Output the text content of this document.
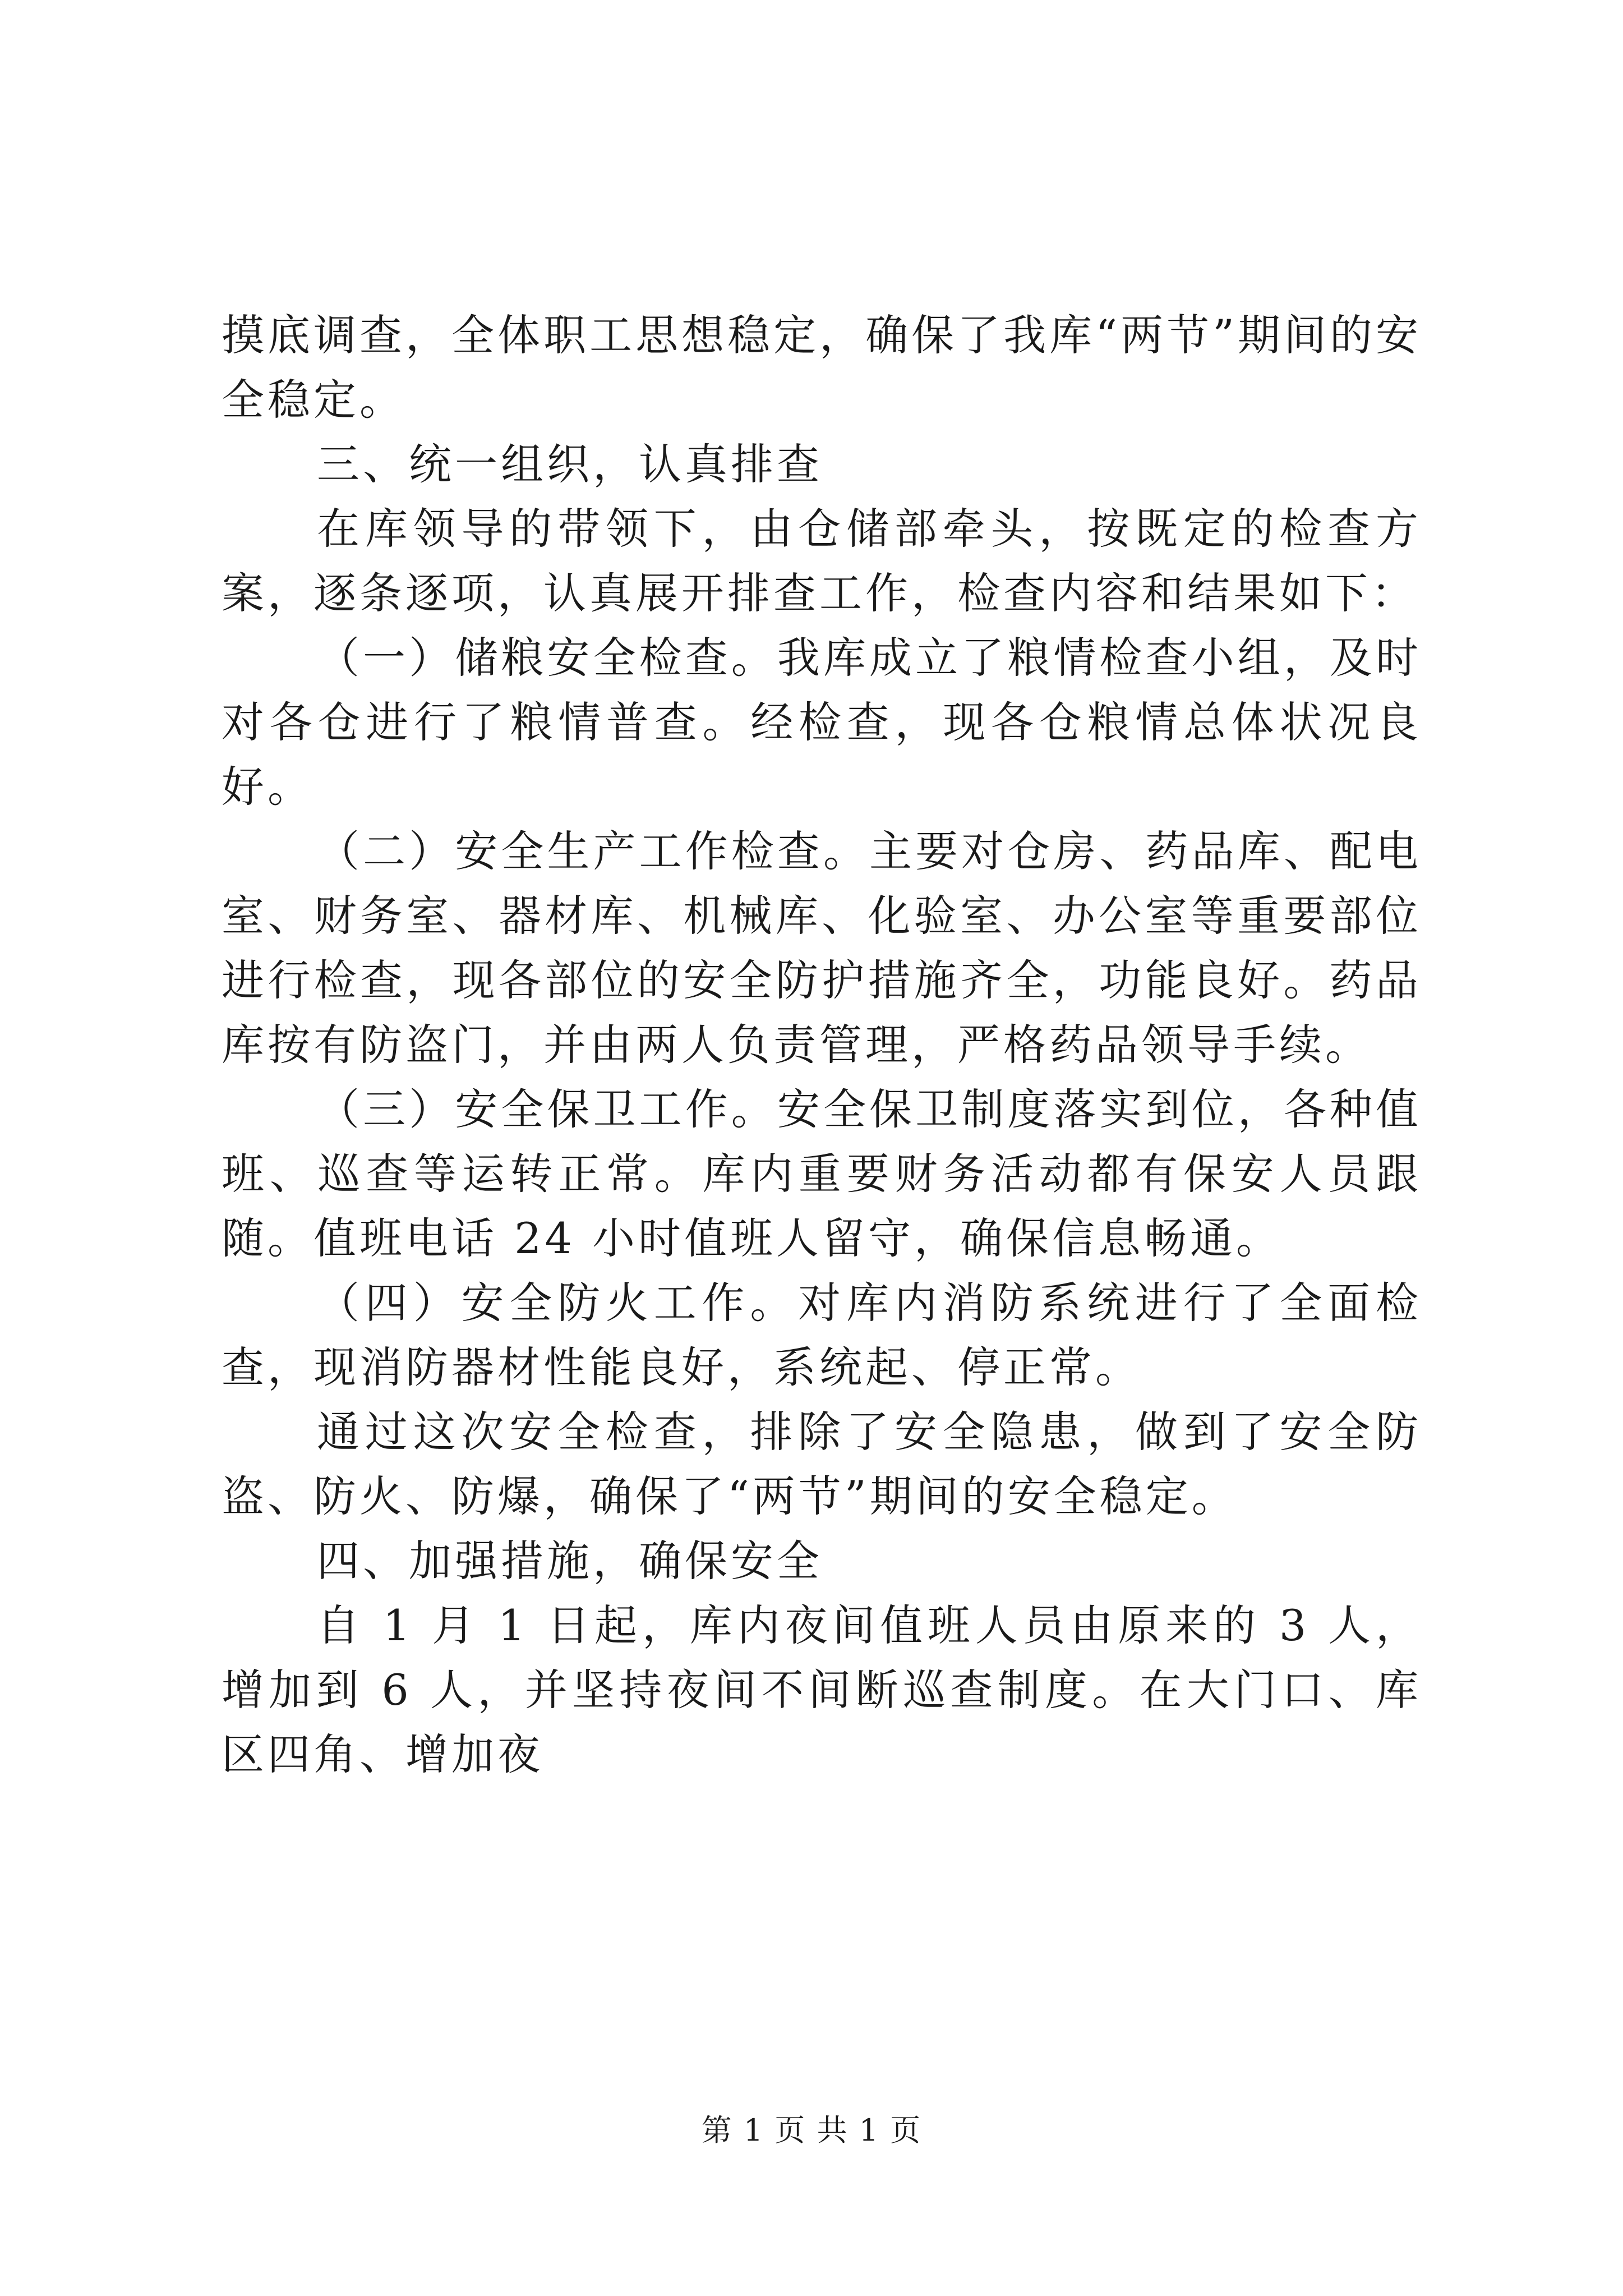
摸底调查，全体职工思想稳定，确保了我库“两节”期间的安全稳定。

三、统一组织，认真排查

在库领导的带领下，由仓储部牵头，按既定的检查方案，逐条逐项，认真展开排查工作，检查内容和结果如下：

（一）储粮安全检查。我库成立了粮情检查小组，及时对各仓进行了粮情普查。经检查，现各仓粮情总体状况良好。

（二）安全生产工作检查。主要对仓房、药品库、配电室、财务室、器材库、机械库、化验室、办公室等重要部位进行检查，现各部位的安全防护措施齐全，功能良好。药品库按有防盗门，并由两人负责管理，严格药品领导手续。

（三）安全保卫工作。安全保卫制度落实到位，各种值班、巡查等运转正常。库内重要财务活动都有保安人员跟随。值班电话 24 小时值班人留守，确保信息畅通。

（四）安全防火工作。对库内消防系统进行了全面检查，现消防器材性能良好，系统起、停正常。

通过这次安全检查，排除了安全隐患，做到了安全防盗、防火、防爆，确保了“两节”期间的安全稳定。

四、加强措施，确保安全

自 1 月 1 日起，库内夜间值班人员由原来的 3 人，增加到 6 人，并坚持夜间不间断巡查制度。在大门口、库区四角、增加夜

第 1 页 共 1 页
